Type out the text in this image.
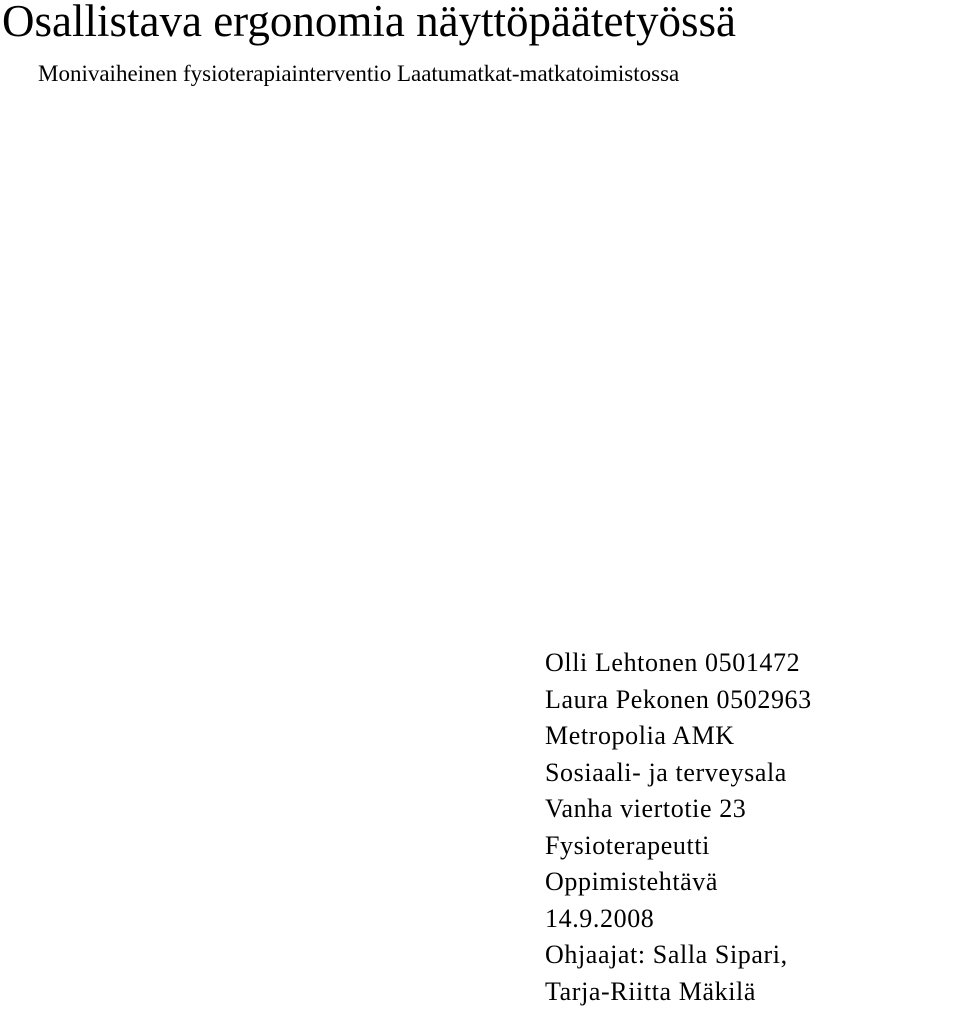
Osallistava ergonomia näyttöpäätetyössä

Monivaiheinen fysioterapiainterventio Laatumatkat-matkatoimistossa

Olli Lehtonen 0501472
Laura Pekonen 0502963
Metropolia AMK
Sosiaali- ja terveysala
Vanha viertotie 23
Fysioterapeutti
Oppimistehtävä
14.9.2008
Ohjaajat: Salla Sipari,
Tarja-Riitta Mäkilä
